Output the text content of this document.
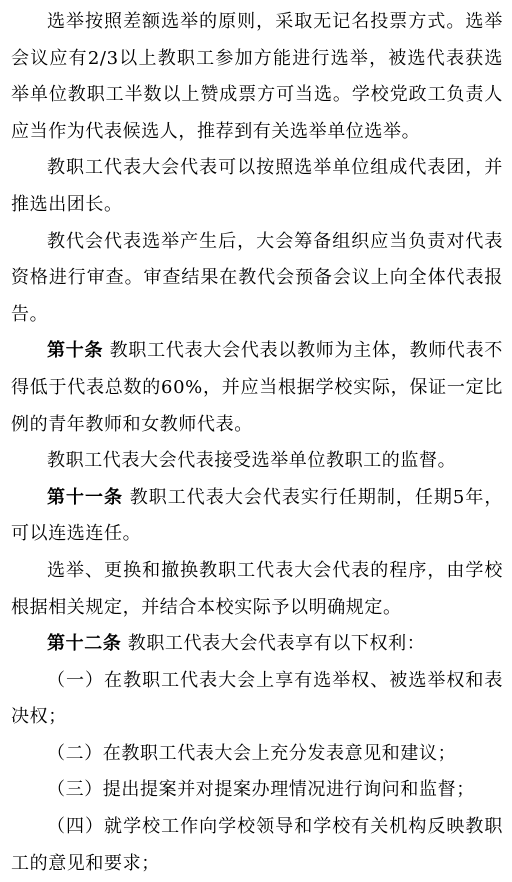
选举按照差额选举的原则，采取无记名投票方式。选举会议应有2/3以上教职工参加方能进行选举，被选代表获选举单位教职工半数以上赞成票方可当选。学校党政工负责人应当作为代表候选人，推荐到有关选举单位选举。

教职工代表大会代表可以按照选举单位组成代表团，并推选出团长。

教代会代表选举产生后，大会筹备组织应当负责对代表资格进行审查。审查结果在教代会预备会议上向全体代表报告。

第十条 教职工代表大会代表以教师为主体，教师代表不得低于代表总数的60%，并应当根据学校实际，保证一定比例的青年教师和女教师代表。

教职工代表大会代表接受选举单位教职工的监督。

第十一条 教职工代表大会代表实行任期制，任期5年，可以连选连任。

选举、更换和撤换教职工代表大会代表的程序，由学校根据相关规定，并结合本校实际予以明确规定。

第十二条 教职工代表大会代表享有以下权利：

（一）在教职工代表大会上享有选举权、被选举权和表决权；

（二）在教职工代表大会上充分发表意见和建议；

（三）提出提案并对提案办理情况进行询问和监督；

（四）就学校工作向学校领导和学校有关机构反映教职工的意见和要求；
